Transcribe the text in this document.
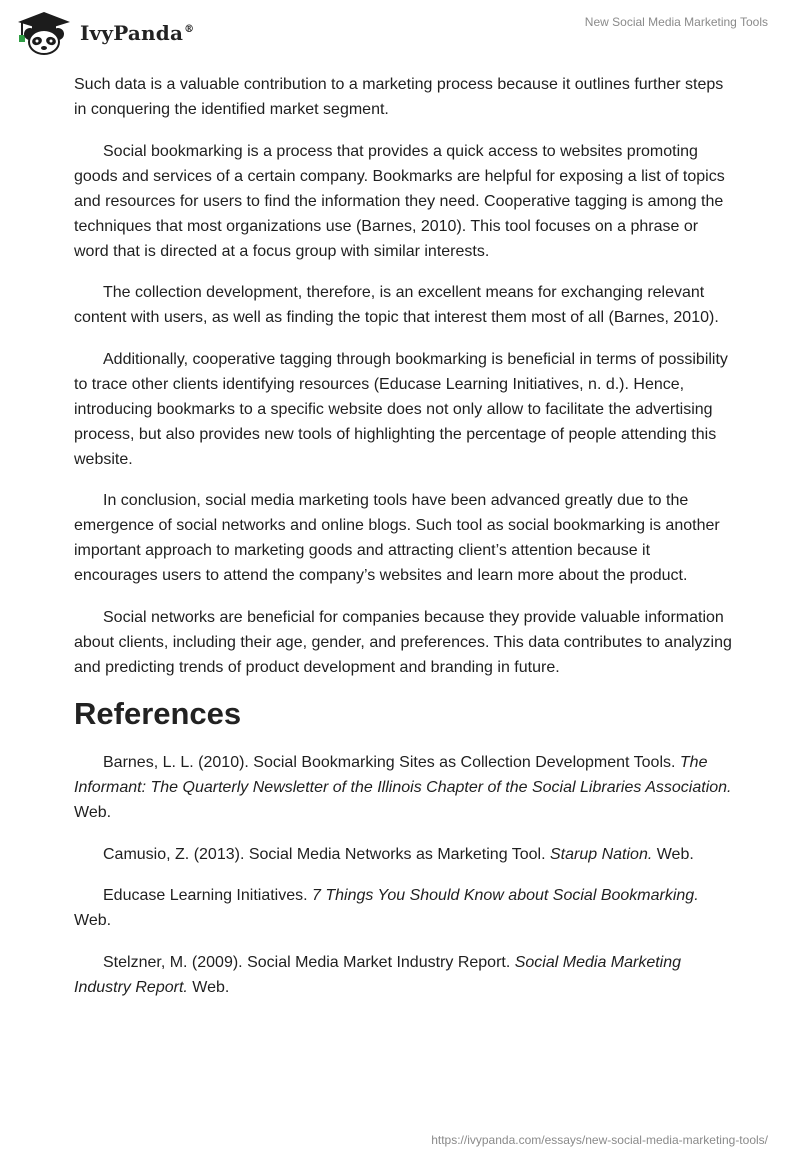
IvyPanda®
New Social Media Marketing Tools

Such data is a valuable contribution to a marketing process because it outlines further steps in conquering the identified market segment.

Social bookmarking is a process that provides a quick access to websites promoting goods and services of a certain company. Bookmarks are helpful for exposing a list of topics and resources for users to find the information they need. Cooperative tagging is among the techniques that most organizations use (Barnes, 2010). This tool focuses on a phrase or word that is directed at a focus group with similar interests.

The collection development, therefore, is an excellent means for exchanging relevant content with users, as well as finding the topic that interest them most of all (Barnes, 2010).

Additionally, cooperative tagging through bookmarking is beneficial in terms of possibility to trace other clients identifying resources (Educase Learning Initiatives, n. d.). Hence, introducing bookmarks to a specific website does not only allow to facilitate the advertising process, but also provides new tools of highlighting the percentage of people attending this website.

In conclusion, social media marketing tools have been advanced greatly due to the emergence of social networks and online blogs. Such tool as social bookmarking is another important approach to marketing goods and attracting client’s attention because it encourages users to attend the company’s websites and learn more about the product.

Social networks are beneficial for companies because they provide valuable information about clients, including their age, gender, and preferences. This data contributes to analyzing and predicting trends of product development and branding in future.

References

Barnes, L. L. (2010). Social Bookmarking Sites as Collection Development Tools. The Informant: The Quarterly Newsletter of the Illinois Chapter of the Social Libraries Association. Web.

Camusio, Z. (2013). Social Media Networks as Marketing Tool. Starup Nation. Web.

Educase Learning Initiatives. 7 Things You Should Know about Social Bookmarking. Web.

Stelzner, M. (2009). Social Media Market Industry Report. Social Media Marketing Industry Report. Web.

https://ivypanda.com/essays/new-social-media-marketing-tools/
